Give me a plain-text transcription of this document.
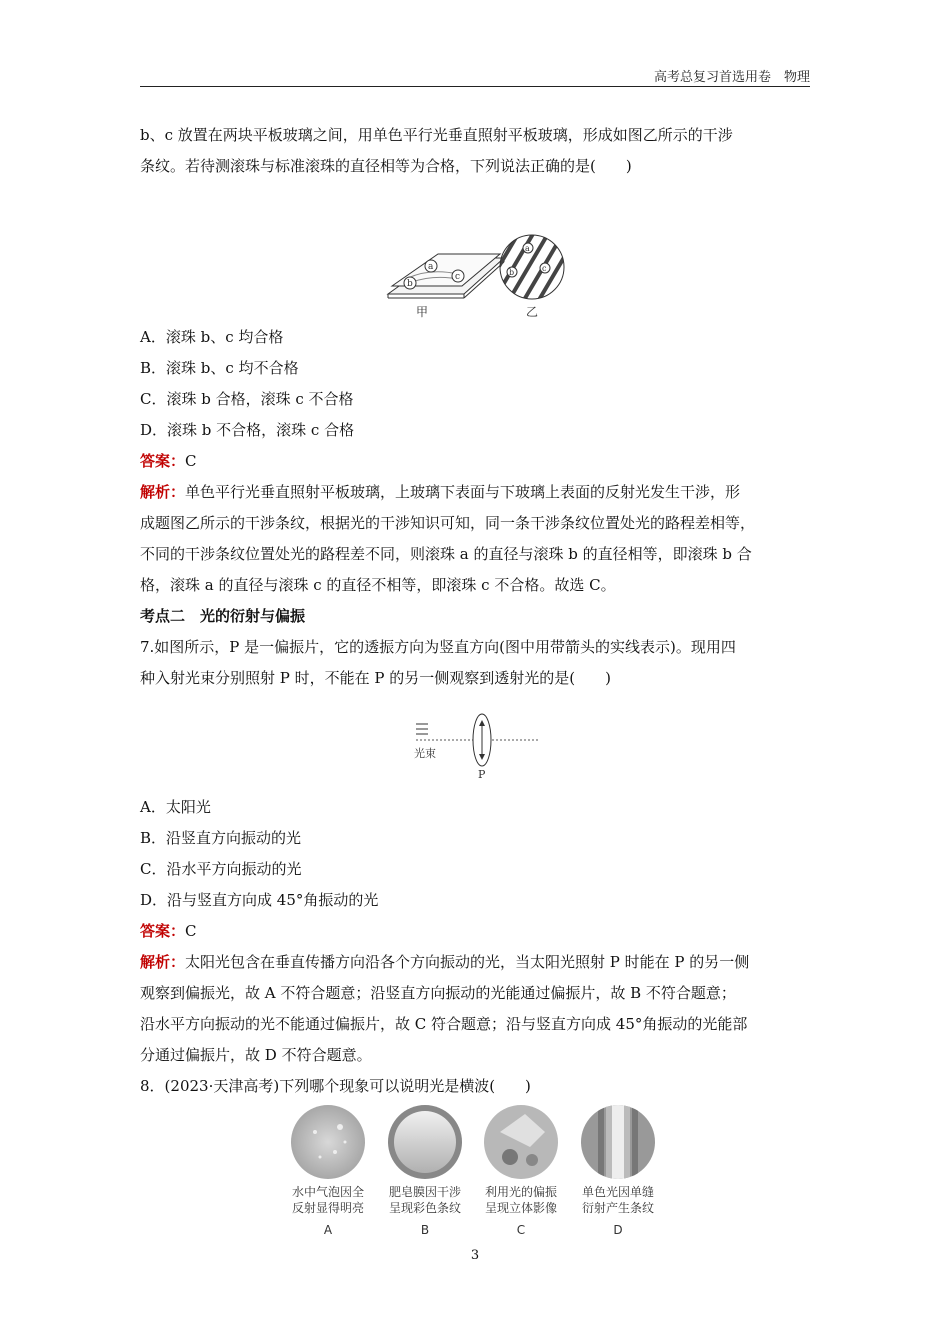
高考总复习首选用卷　物理

b、c 放置在两块平板玻璃之间，用单色平行光垂直照射平板玻璃，形成如图乙所示的干涉

条纹。若待测滚珠与标准滚珠的直径相等为合格，下列说法正确的是(　　)

a
b
c
甲
a
b	c
乙

A．滚珠 b、c 均合格

B．滚珠 b、c 均不合格

C．滚珠 b 合格，滚珠 c 不合格

D．滚珠 b 不合格，滚珠 c 合格

答案：C

解析：单色平行光垂直照射平板玻璃，上玻璃下表面与下玻璃上表面的反射光发生干涉，形

成题图乙所示的干涉条纹，根据光的干涉知识可知，同一条干涉条纹位置处光的路程差相等，

不同的干涉条纹位置处光的路程差不同，则滚珠 a 的直径与滚珠 b 的直径相等，即滚珠 b 合

格，滚珠 a 的直径与滚珠 c 的直径不相等，即滚珠 c 不合格。故选 C。

考点二　光的衍射与偏振

7.如图所示，P 是一偏振片，它的透振方向为竖直方向(图中用带箭头的实线表示)。现用四

种入射光束分别照射 P 时，不能在 P 的另一侧观察到透射光的是(　　)

光束
P

A．太阳光

B．沿竖直方向振动的光

C．沿水平方向振动的光

D．沿与竖直方向成 45°角振动的光

答案：C

解析：太阳光包含在垂直传播方向沿各个方向振动的光，当太阳光照射 P 时能在 P 的另一侧

观察到偏振光，故 A 不符合题意；沿竖直方向振动的光能通过偏振片，故 B 不符合题意；

沿水平方向振动的光不能通过偏振片，故 C 符合题意；沿与竖直方向成 45°角振动的光能部

分通过偏振片，故 D 不符合题意。

8．(2023·天津高考)下列哪个现象可以说明光是横波(　　)

水中气泡因全
反射显得明亮
A
肥皂膜因干涉
呈现彩色条纹
B
利用光的偏振
呈现立体影像
C
单色光因单缝
衍射产生条纹
D
3
